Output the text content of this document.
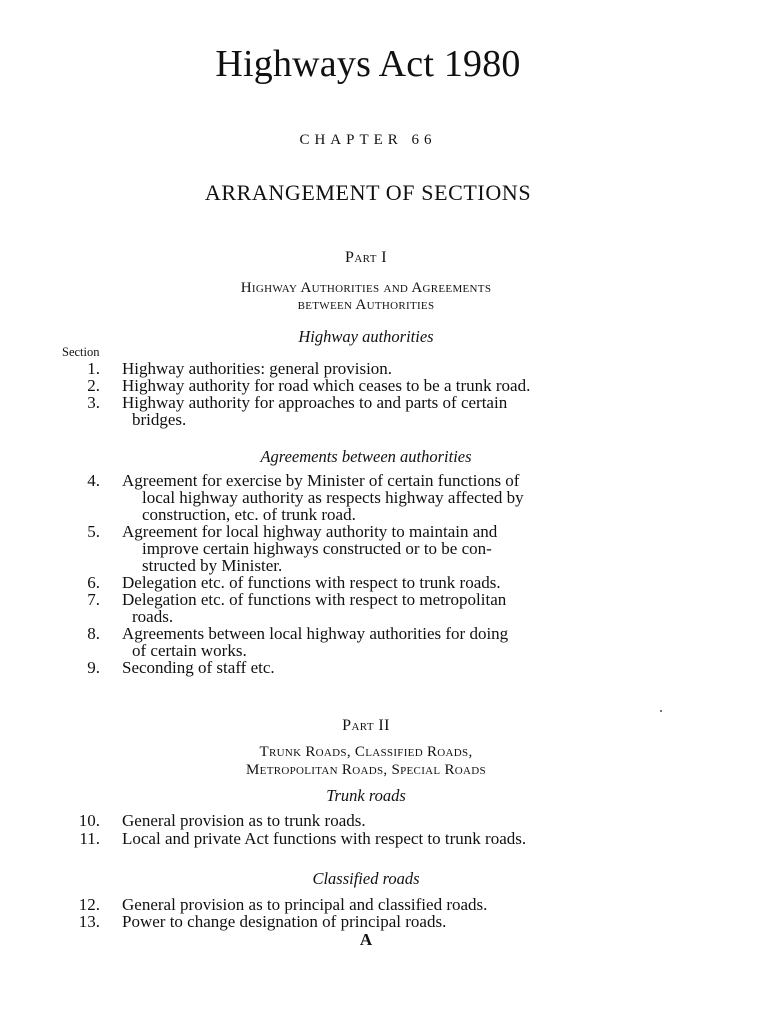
Highways Act 1980
CHAPTER 66
ARRANGEMENT OF SECTIONS
Part I
Highway Authorities and Agreements
between Authorities
Highway authorities
Section
1. Highway authorities: general provision.
2. Highway authority for road which ceases to be a trunk road.
3. Highway authority for approaches to and parts of certain
bridges.
Agreements between authorities
4. Agreement for exercise by Minister of certain functions of
local highway authority as respects highway affected by
construction, etc. of trunk road.
5. Agreement for local highway authority to maintain and
improve certain highways constructed or to be con-
structed by Minister.
6. Delegation etc. of functions with respect to trunk roads.
7. Delegation etc. of functions with respect to metropolitan
roads.
8. Agreements between local highway authorities for doing
of certain works.
9. Seconding of staff etc.
Part II
Trunk Roads, Classified Roads,
Metropolitan Roads, Special Roads
Trunk roads
10. General provision as to trunk roads.
11. Local and private Act functions with respect to trunk roads.
Classified roads
12. General provision as to principal and classified roads.
13. Power to change designation of principal roads.
A
